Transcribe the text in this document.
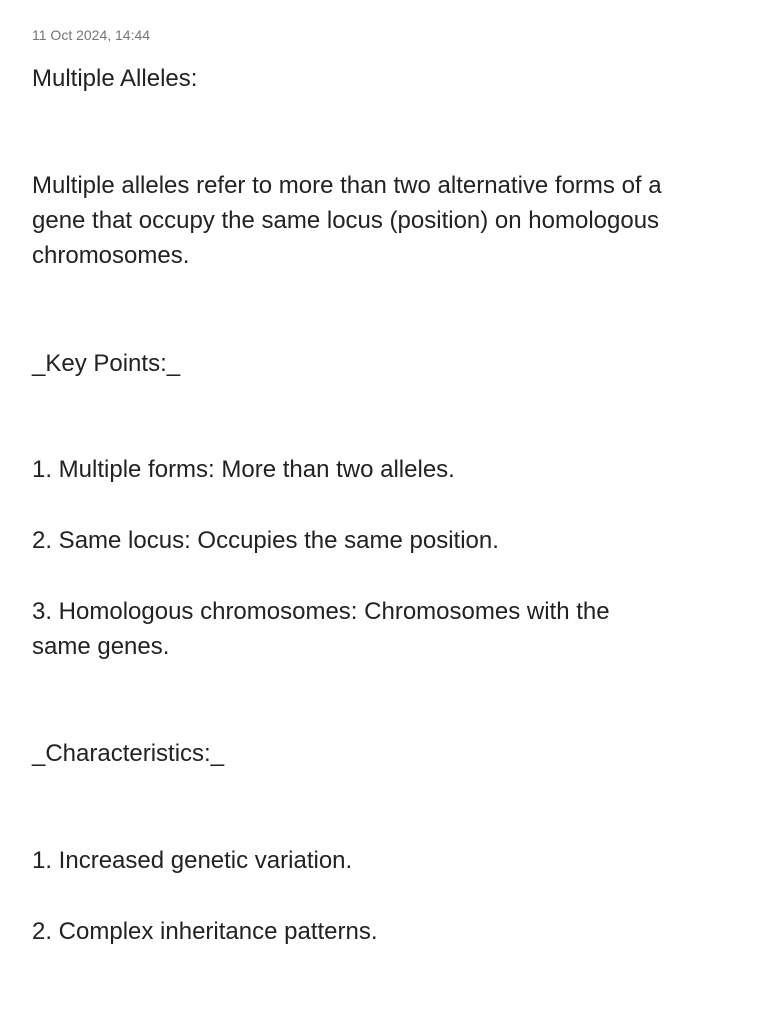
11 Oct 2024, 14:44
Multiple Alleles:
Multiple alleles refer to more than two alternative forms of a
gene that occupy the same locus (position) on homologous
chromosomes.
_Key Points:_
1. Multiple forms: More than two alleles.
2. Same locus: Occupies the same position.
3. Homologous chromosomes: Chromosomes with the
same genes.
_Characteristics:_
1. Increased genetic variation.
2. Complex inheritance patterns.
